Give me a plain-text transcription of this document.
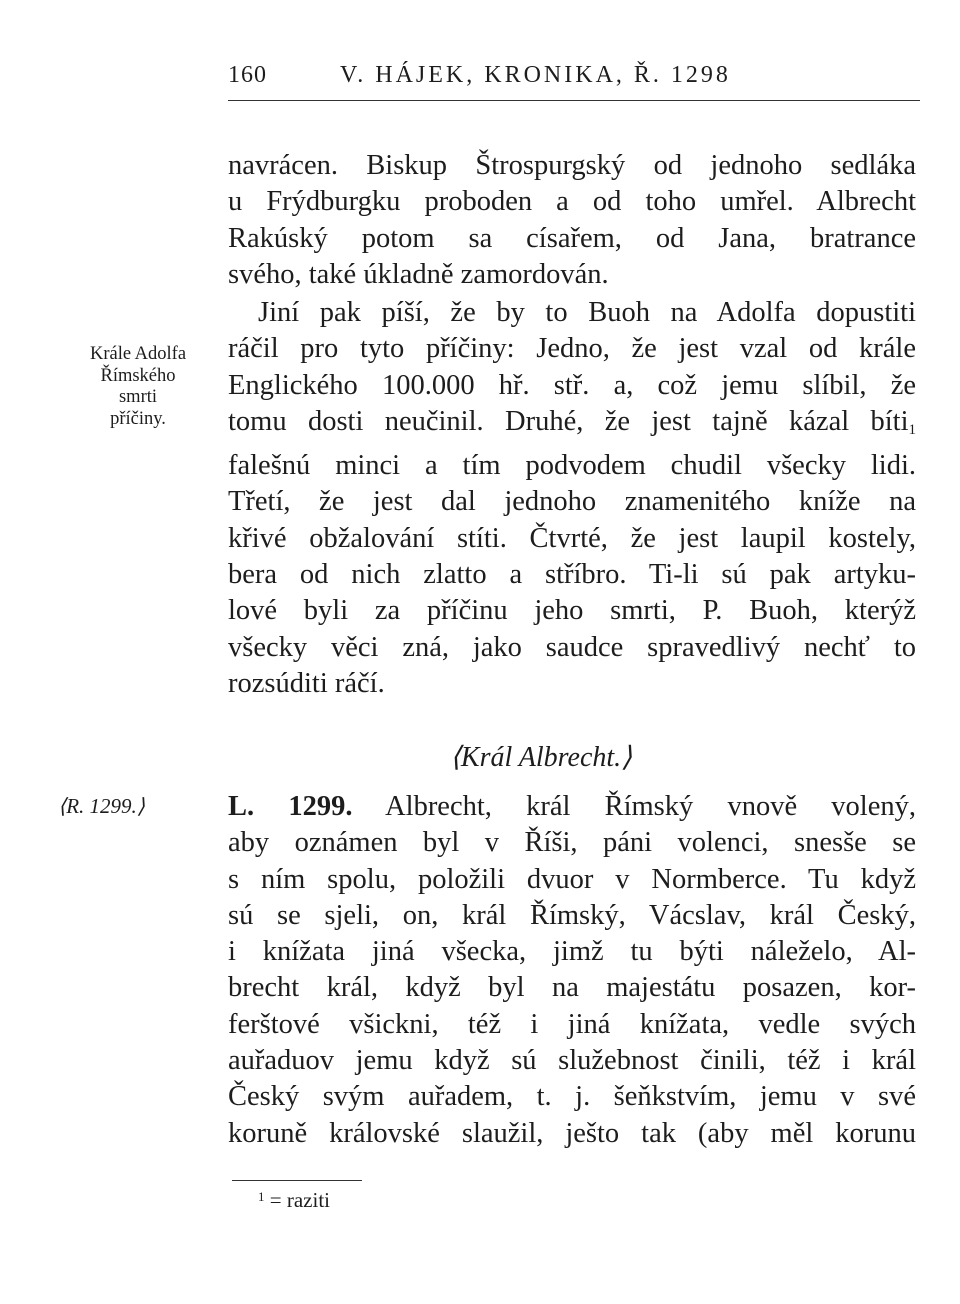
160	V. HÁJEK, KRONIKA, Ř. 1298
navrácen. Biskup Štrospurgský od jednoho sedláka
u Frýdburgku proboden a od toho umřel. Albrecht
Rakúský potom sa císařem, od Jana, bratrance
svého, také úkladně zamordován.
Jiní pak píší, že by to Buoh na Adolfa dopustiti
ráčil pro tyto příčiny: Jedno, že jest vzal od krále
Englického 100.000 hř. stř. a, což jemu slíbil, že
tomu dosti neučinil. Druhé, že jest tajně kázal bíti$_1$
falešnú minci a tím podvodem chudil všecky lidi.
Třetí, že jest dal jednoho znamenitého kníže na
křivé obžalování stíti. Čtvrté, že jest laupil kostely,
bera od nich zlatto a stříbro. Ti-li sú pak artyku-
lové byli za příčinu jeho smrti, P. Buoh, kterýž
všecky věci zná, jako saudce spravedlivý nechť to
rozsúditi ráčí.
Krále Adolfa
Římského
smrti
příčiny.
⟨Král Albrecht.⟩
⟨R. 1299.⟩	L. 1299. Albrecht, král Římský vnově volený,
aby oznámen byl v Říši, páni volenci, snesše se
s ním spolu, položili dvuor v Normberce. Tu když
sú se sjeli, on, král Římský, Vácslav, král Český,
i knížata jiná všecka, jimž tu býti náleželo, Al-
brecht král, když byl na majestátu posazen, kor-
ferštové všickni, též i jiná knížata, vedle svých
auřaduov jemu když sú služebnost činili, též i král
Český svým auřadem, t. j. šeňkstvím, jemu v své
koruně královské slaužil, ješto tak (aby měl korunu
$^1$ = raziti
